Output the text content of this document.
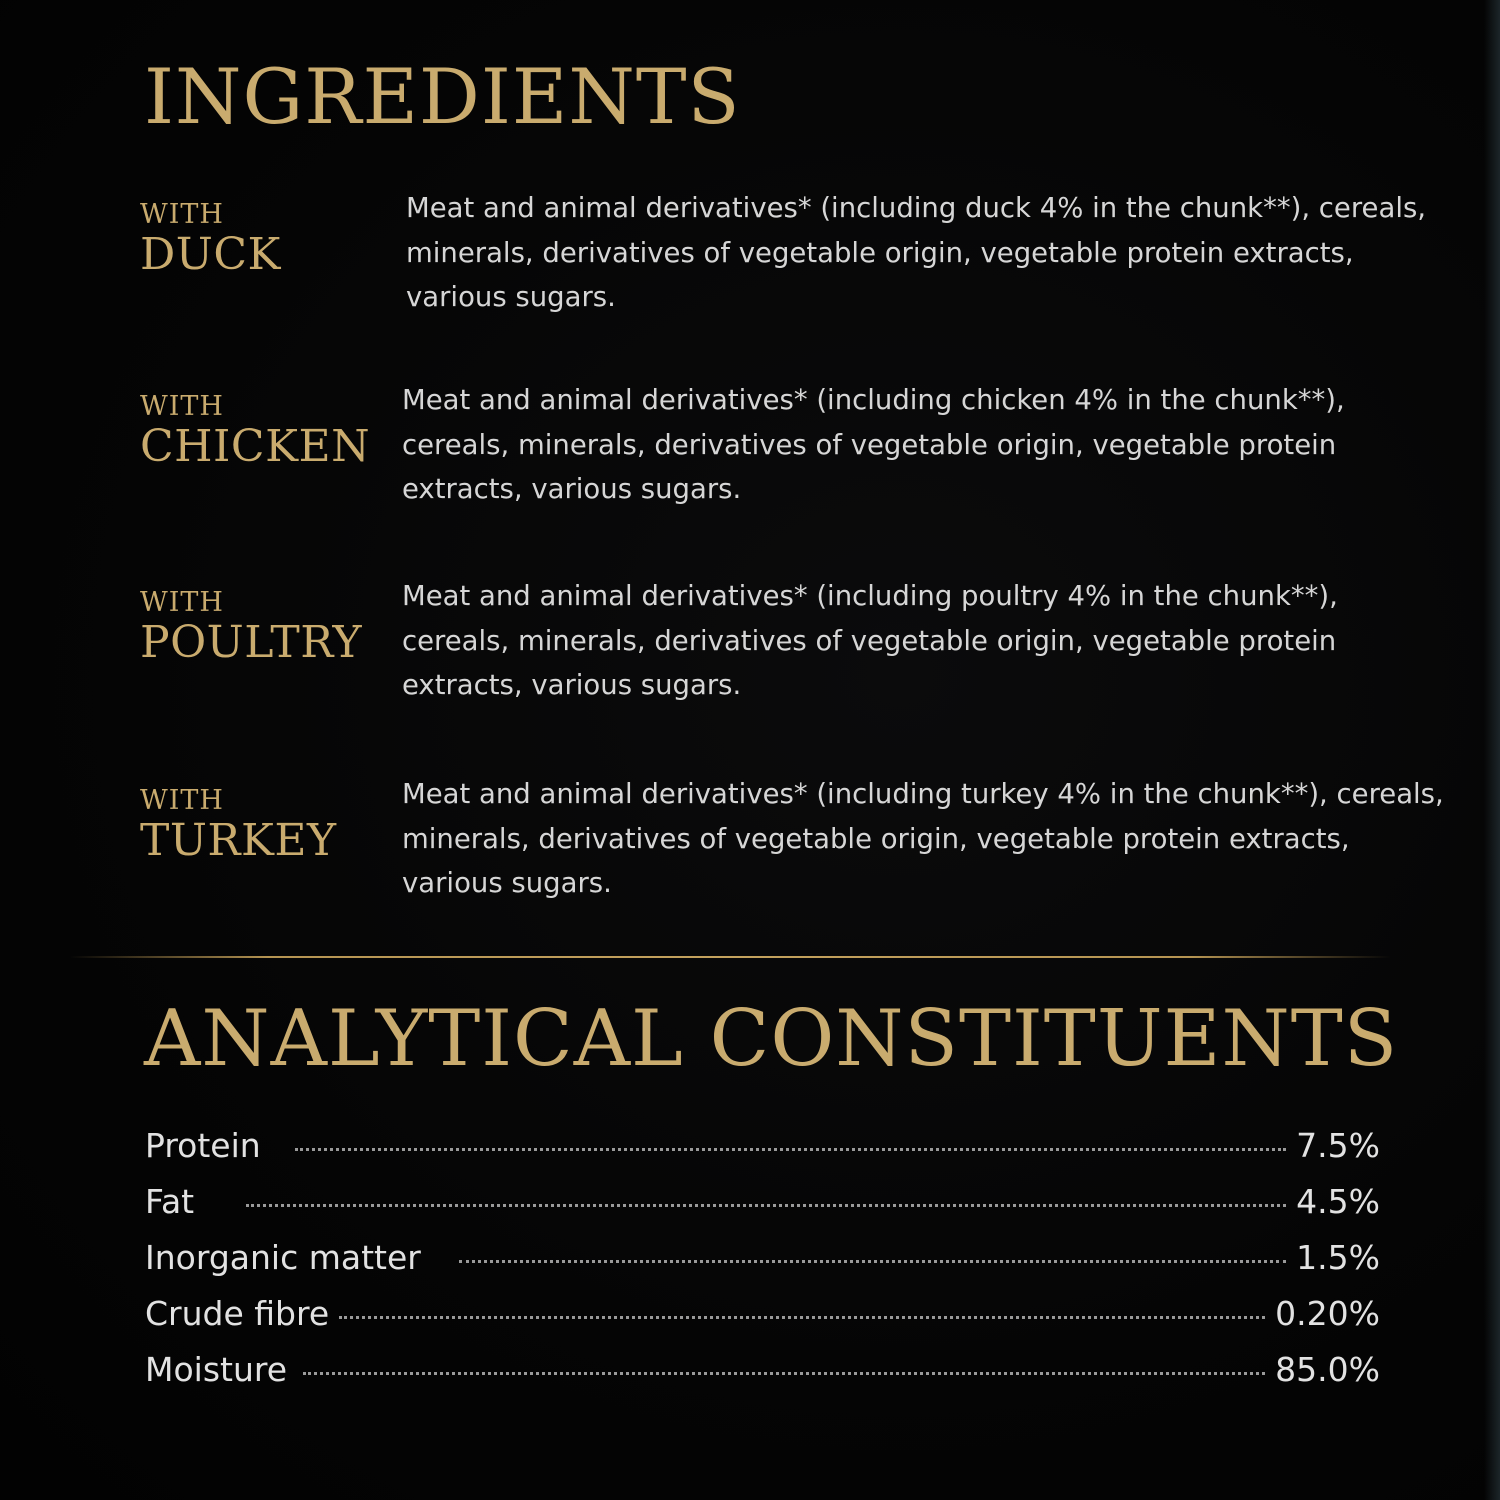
INGREDIENTS
WITH
DUCK

Meat and animal derivatives* (including duck 4% in the chunk**), cereals, minerals, derivatives of vegetable origin, vegetable protein extracts, various sugars.

WITH
CHICKEN

Meat and animal derivatives* (including chicken 4% in the chunk**), cereals, minerals, derivatives of vegetable origin, vegetable protein extracts, various sugars.

WITH
POULTRY

Meat and animal derivatives* (including poultry 4% in the chunk**), cereals, minerals, derivatives of vegetable origin, vegetable protein extracts, various sugars.

WITH
TURKEY

Meat and animal derivatives* (including turkey 4% in the chunk**), cereals, minerals, derivatives of vegetable origin, vegetable protein extracts, various sugars.

ANALYTICAL CONSTITUENTS
Protein	7.5%
Fat	4.5%
Inorganic matter	1.5%
Crude fibre	0.20%
Moisture	85.0%
